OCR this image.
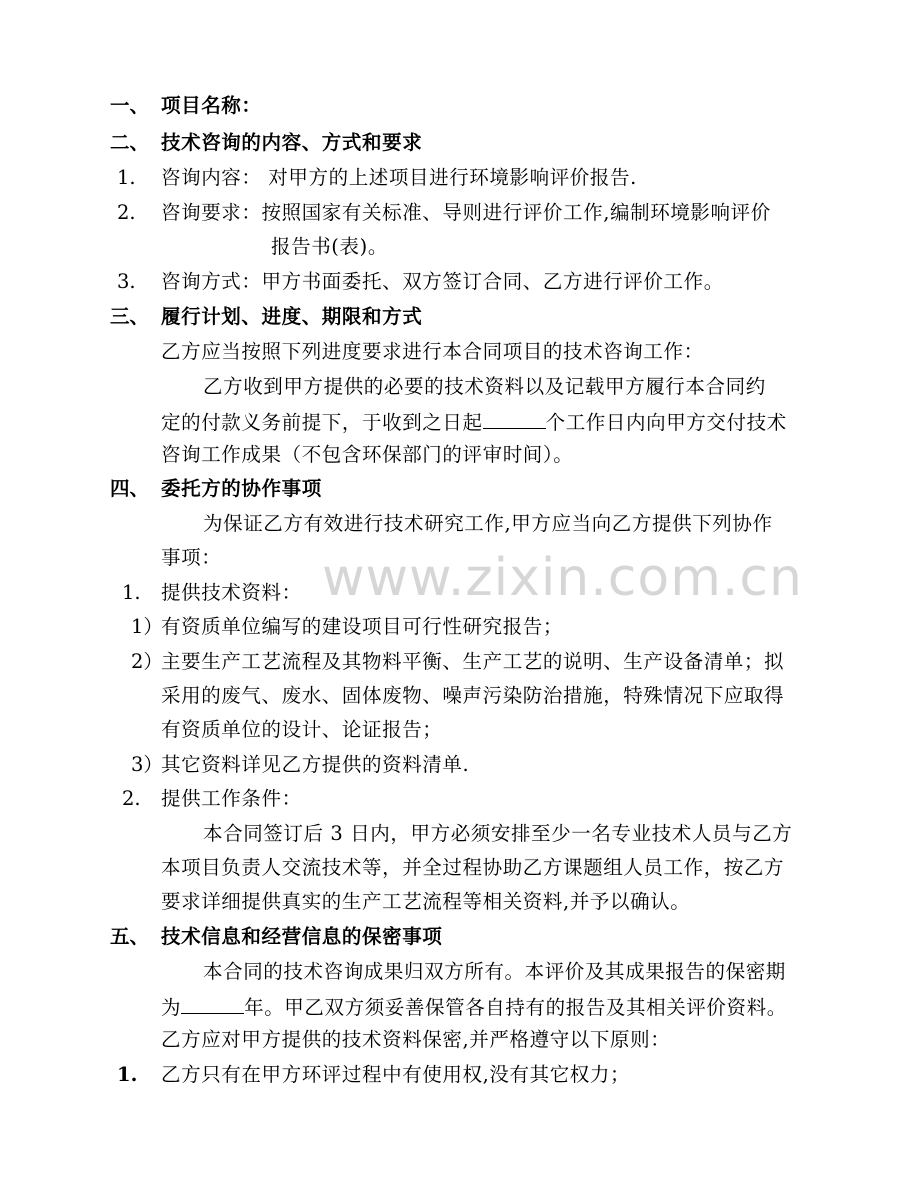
www.zixin.com.cn
一、 项目名称：
二、 技术咨询的内容、方式和要求
1. 咨询内容： 对甲方的上述项目进行环境影响评价报告.
2. 咨询要求：按照国家有关标准、导则进行评价工作,编制环境影响评价
报告书(表)。
3. 咨询方式：甲方书面委托、双方签订合同、乙方进行评价工作。
三、 履行计划、进度、期限和方式
乙方应当按照下列进度要求进行本合同项目的技术咨询工作：
乙方收到甲方提供的必要的技术资料以及记载甲方履行本合同约
定的付款义务前提下，于收到之日起	个工作日内向甲方交付技术
咨询工作成果（不包含环保部门的评审时间）。
四、 委托方的协作事项
为保证乙方有效进行技术研究工作,甲方应当向乙方提供下列协作
事项：
1. 提供技术资料：
1）
有资质单位编写的建设项目可行性研究报告；
2）
主要生产工艺流程及其物料平衡、生产工艺的说明、生产设备清单；拟
采用的废气、废水、固体废物、噪声污染防治措施，特殊情况下应取得
有资质单位的设计、论证报告；
3）
其它资料详见乙方提供的资料清单.
2. 提供工作条件：
本合同签订后 3 日内，甲方必须安排至少一名专业技术人员与乙方
本项目负责人交流技术等，并全过程协助乙方课题组人员工作，按乙方
要求详细提供真实的生产工艺流程等相关资料,并予以确认。
五、 技术信息和经营信息的保密事项
本合同的技术咨询成果归双方所有。本评价及其成果报告的保密期
为	年。甲乙双方须妥善保管各自持有的报告及其相关评价资料。
乙方应对甲方提供的技术资料保密,并严格遵守以下原则：
1. 乙方只有在甲方环评过程中有使用权,没有其它权力；
